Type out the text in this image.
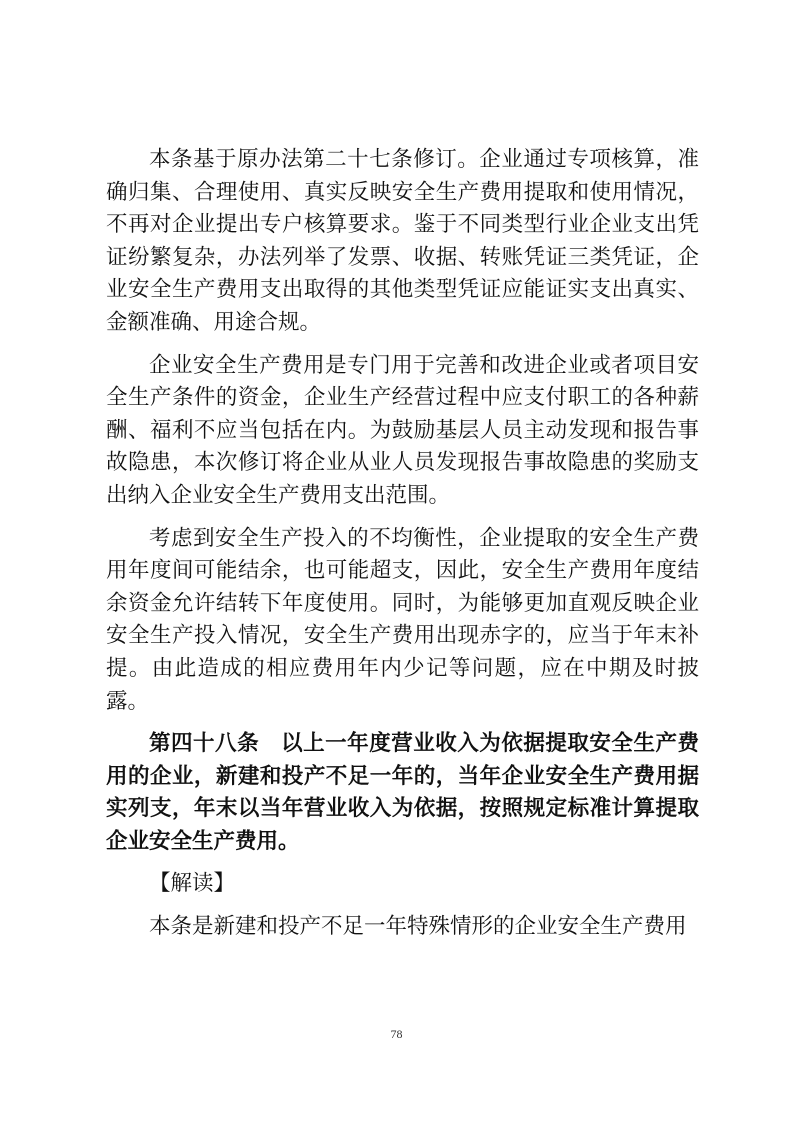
本条基于原办法第二十七条修订。企业通过专项核算，准确归集、合理使用、真实反映安全生产费用提取和使用情况，不再对企业提出专户核算要求。鉴于不同类型行业企业支出凭证纷繁复杂，办法列举了发票、收据、转账凭证三类凭证，企业安全生产费用支出取得的其他类型凭证应能证实支出真实、金额准确、用途合规。

企业安全生产费用是专门用于完善和改进企业或者项目安全生产条件的资金，企业生产经营过程中应支付职工的各种薪酬、福利不应当包括在内。为鼓励基层人员主动发现和报告事故隐患，本次修订将企业从业人员发现报告事故隐患的奖励支出纳入企业安全生产费用支出范围。

考虑到安全生产投入的不均衡性，企业提取的安全生产费用年度间可能结余，也可能超支，因此，安全生产费用年度结余资金允许结转下年度使用。同时，为能够更加直观反映企业安全生产投入情况，安全生产费用出现赤字的，应当于年末补提。由此造成的相应费用年内少记等问题，应在中期及时披露。

第四十八条　以上一年度营业收入为依据提取安全生产费用的企业，新建和投产不足一年的，当年企业安全生产费用据实列支，年末以当年营业收入为依据，按照规定标准计算提取企业安全生产费用。

【解读】

本条是新建和投产不足一年特殊情形的企业安全生产费用

78
